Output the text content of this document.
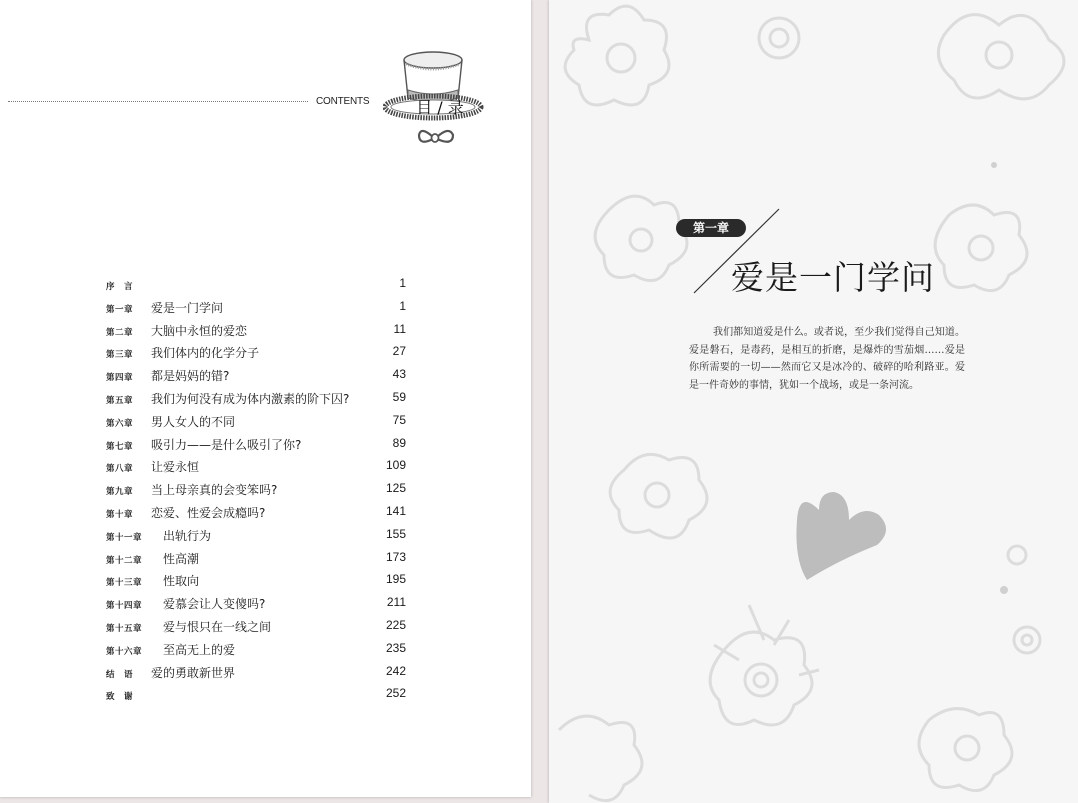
CONTENTS	目 / 录
序　言	1
第一章 爱是一门学问	1
第二章 大脑中永恒的爱恋	11
第三章 我们体内的化学分子	27
第四章 都是妈妈的错?	43
第五章 我们为何没有成为体内激素的阶下囚?	59
第六章 男人女人的不同	75
第七章 吸引力——是什么吸引了你?	89
第八章 让爱永恒	109
第九章 当上母亲真的会变笨吗?	125
第十章 恋爱、性爱会成瘾吗?	141
第十一章 出轨行为	155
第十二章 性高潮	173
第十三章 性取向	195
第十四章 爱慕会让人变傻吗?	211
第十五章 爱与恨只在一线之间	225
第十六章 至高无上的爱	235
结　语 爱的勇敢新世界	242
致　谢	252
第一章
爱是一门学问

我们都知道爱是什么。或者说，至少我们觉得自己知道。爱是磐石，是毒药，是相互的折磨，是爆炸的雪茄烟……爱是你所需要的一切——然而它又是冰冷的、破碎的哈利路亚。爱是一件奇妙的事情，犹如一个战场，或是一条河流。
